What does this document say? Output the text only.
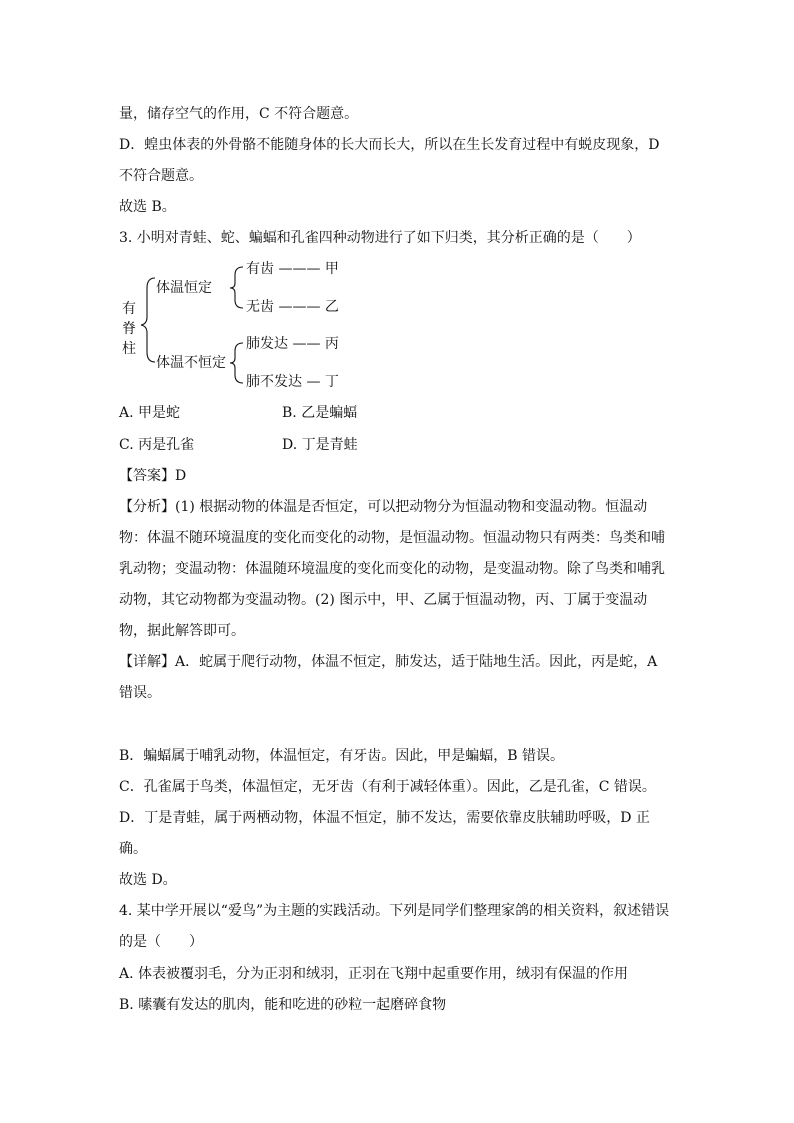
量，储存空气的作用，C 不符合题意。
D．蝗虫体表的外骨骼不能随身体的长大而长大，所以在生长发育过程中有蜕皮现象，D
不符合题意。
故选 B。
3. 小明对青蛙、蛇、蝙蝠和孔雀四种动物进行了如下归类，其分析正确的是（　　）
有
脊
柱
体温恒定
体温不恒定
有齿 ——— 甲
无齿 ——— 乙
肺发达 —— 丙
肺不发达 — 丁
A. 甲是蛇	B. 乙是蝙蝠
C. 丙是孔雀	D. 丁是青蛙
【答案】D
【分析】(1) 根据动物的体温是否恒定，可以把动物分为恒温动物和变温动物。恒温动
物：体温不随环境温度的变化而变化的动物，是恒温动物。恒温动物只有两类：鸟类和哺
乳动物；变温动物：体温随环境温度的变化而变化的动物，是变温动物。除了鸟类和哺乳
动物，其它动物都为变温动物。(2) 图示中，甲、乙属于恒温动物，丙、丁属于变温动
物，据此解答即可。
【详解】A．蛇属于爬行动物，体温不恒定，肺发达，适于陆地生活。因此，丙是蛇，A
错误。
B．蝙蝠属于哺乳动物，体温恒定，有牙齿。因此，甲是蝙蝠，B 错误。
C．孔雀属于鸟类，体温恒定，无牙齿（有利于减轻体重）。因此，乙是孔雀，C 错误。
D．丁是青蛙，属于两栖动物，体温不恒定，肺不发达，需要依靠皮肤辅助呼吸，D 正
确。
故选 D。
4. 某中学开展以“爱鸟”为主题的实践活动。下列是同学们整理家鸽的相关资料，叙述错误
的是（　　）
A. 体表被覆羽毛，分为正羽和绒羽，正羽在飞翔中起重要作用，绒羽有保温的作用
B. 嗉囊有发达的肌肉，能和吃进的砂粒一起磨碎食物
